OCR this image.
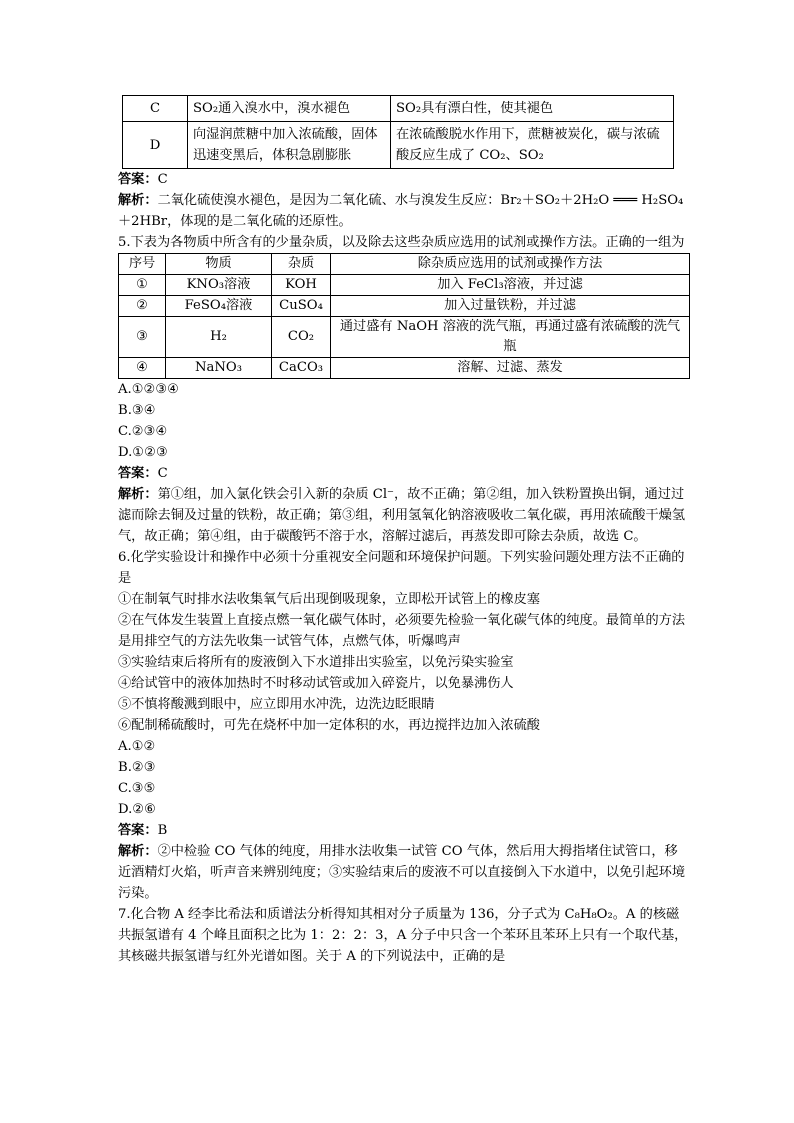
C	SO₂通入溴水中，溴水褪色	SO₂具有漂白性，使其褪色
D	向湿润蔗糖中加入浓硫酸，固体迅速变黑后，体积急剧膨胀	在浓硫酸脱水作用下，蔗糖被炭化，碳与浓硫酸反应生成了 CO₂、SO₂

答案：C

解析：二氧化硫使溴水褪色，是因为二氧化硫、水与溴发生反应：Br₂＋SO₂＋2H₂O ═══ H₂SO₄＋2HBr，体现的是二氧化硫的还原性。

5.下表为各物质中所含有的少量杂质，以及除去这些杂质应选用的试剂或操作方法。正确的一组为

序号	物质	杂质	除杂质应选用的试剂或操作方法
①	KNO₃溶液	KOH	加入 FeCl₃溶液，并过滤
②	FeSO₄溶液	CuSO₄	加入过量铁粉，并过滤
③	H₂	CO₂	通过盛有 NaOH 溶液的洗气瓶，再通过盛有浓硫酸的洗气瓶
④	NaNO₃	CaCO₃	溶解、过滤、蒸发

A.①②③④

B.③④

C.②③④

D.①②③

答案：C

解析：第①组，加入氯化铁会引入新的杂质 Cl⁻，故不正确；第②组，加入铁粉置换出铜，通过过滤而除去铜及过量的铁粉，故正确；第③组，利用氢氧化钠溶液吸收二氧化碳，再用浓硫酸干燥氢气，故正确；第④组，由于碳酸钙不溶于水，溶解过滤后，再蒸发即可除去杂质，故选 C。

6.化学实验设计和操作中必须十分重视安全问题和环境保护问题。下列实验问题处理方法不正确的是

①在制氧气时排水法收集氧气后出现倒吸现象，立即松开试管上的橡皮塞

②在气体发生装置上直接点燃一氧化碳气体时，必须要先检验一氧化碳气体的纯度。最简单的方法是用排空气的方法先收集一试管气体，点燃气体，听爆鸣声

③实验结束后将所有的废液倒入下水道排出实验室，以免污染实验室

④给试管中的液体加热时不时移动试管或加入碎瓷片，以免暴沸伤人

⑤不慎将酸溅到眼中，应立即用水冲洗，边洗边眨眼睛

⑥配制稀硫酸时，可先在烧杯中加一定体积的水，再边搅拌边加入浓硫酸

A.①②

B.②③

C.③⑤

D.②⑥

答案：B

解析：②中检验 CO 气体的纯度，用排水法收集一试管 CO 气体，然后用大拇指堵住试管口，移近酒精灯火焰，听声音来辨别纯度；③实验结束后的废液不可以直接倒入下水道中，以免引起环境污染。

7.化合物 A 经李比希法和质谱法分析得知其相对分子质量为 136，分子式为 C₈H₈O₂。A 的核磁共振氢谱有 4 个峰且面积之比为 1：2：2：3，A 分子中只含一个苯环且苯环上只有一个取代基，其核磁共振氢谱与红外光谱如图。关于 A 的下列说法中，正确的是
